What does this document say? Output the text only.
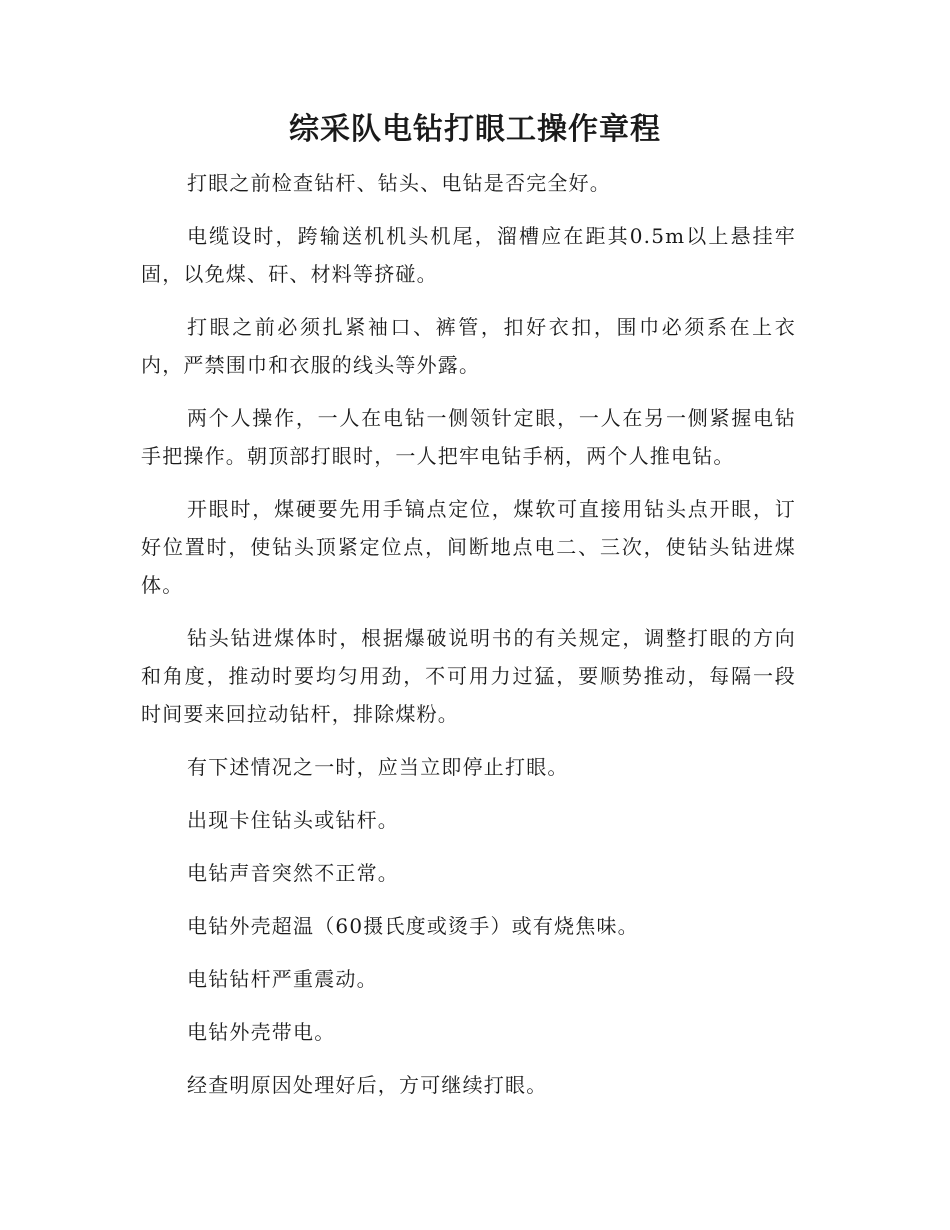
综采队电钻打眼工操作章程

打眼之前检查钻杆、钻头、电钻是否完全好。

电缆设时，跨输送机机头机尾，溜槽应在距其0.5m以上悬挂牢固，以免煤、矸、材料等挤碰。

打眼之前必须扎紧袖口、裤管，扣好衣扣，围巾必须系在上衣内，严禁围巾和衣服的线头等外露。

两个人操作，一人在电钻一侧领针定眼，一人在另一侧紧握电钻手把操作。朝顶部打眼时，一人把牢电钻手柄，两个人推电钻。

开眼时，煤硬要先用手镐点定位，煤软可直接用钻头点开眼，订好位置时，使钻头顶紧定位点，间断地点电二、三次，使钻头钻进煤体。

钻头钻进煤体时，根据爆破说明书的有关规定，调整打眼的方向和角度，推动时要均匀用劲，不可用力过猛，要顺势推动，每隔一段时间要来回拉动钻杆，排除煤粉。

有下述情况之一时，应当立即停止打眼。

出现卡住钻头或钻杆。

电钻声音突然不正常。

电钻外壳超温（60摄氏度或烫手）或有烧焦味。

电钻钻杆严重震动。

电钻外壳带电。

经查明原因处理好后，方可继续打眼。
